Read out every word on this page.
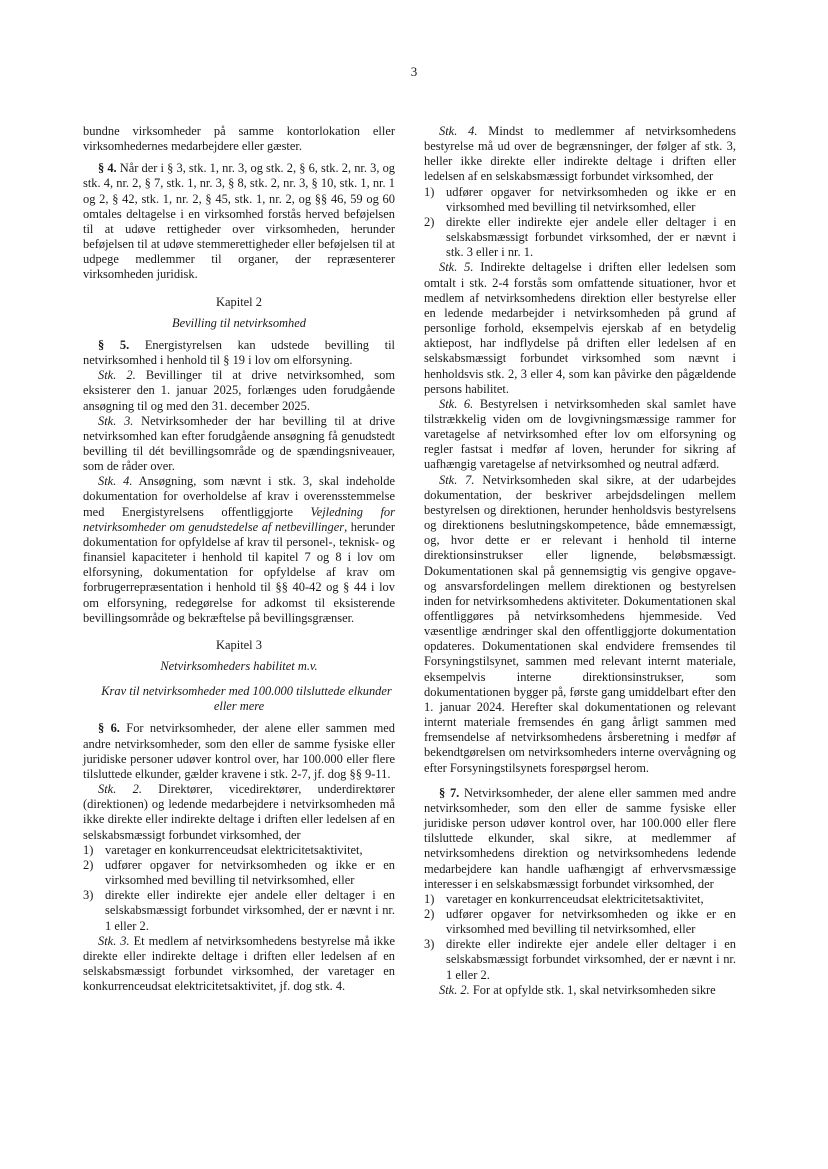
3

bundne virksomheder på samme kontorlokation eller virksomhedernes medarbejdere eller gæster.

§ 4. Når der i § 3, stk. 1, nr. 3, og stk. 2, § 6, stk. 2, nr. 3, og stk. 4, nr. 2, § 7, stk. 1, nr. 3, § 8, stk. 2, nr. 3, § 10, stk. 1, nr. 1 og 2, § 42, stk. 1, nr. 2, § 45, stk. 1, nr. 2, og §§ 46, 59 og 60 omtales deltagelse i en virksomhed forstås herved beføjelsen til at udøve rettigheder over virksomheden, herunder beføjelsen til at udøve stemmerettigheder eller beføjelsen til at udpege medlemmer til organer, der repræsenterer virksomheden juridisk.

Kapitel 2

Bevilling til netvirksomhed

§ 5. Energistyrelsen kan udstede bevilling til netvirksomhed i henhold til § 19 i lov om elforsyning.

Stk. 2. Bevillinger til at drive netvirksomhed, som eksisterer den 1. januar 2025, forlænges uden forudgående ansøgning til og med den 31. december 2025.

Stk. 3. Netvirksomheder der har bevilling til at drive netvirksomhed kan efter forudgående ansøgning få genudstedt bevilling til dét bevillingsområde og de spændingsniveauer, som de råder over.

Stk. 4. Ansøgning, som nævnt i stk. 3, skal indeholde dokumentation for overholdelse af krav i overensstemmelse med Energistyrelsens offentliggjorte Vejledning for netvirksomheder om genudstedelse af netbevillinger, herunder dokumentation for opfyldelse af krav til personel-, teknisk- og finansiel kapaciteter i henhold til kapitel 7 og 8 i lov om elforsyning, dokumentation for opfyldelse af krav om forbrugerrepræsentation i henhold til §§ 40-42 og § 44 i lov om elforsyning, redegørelse for adkomst til eksisterende bevillingsområde og bekræftelse på bevillingsgrænser.

Kapitel 3

Netvirksomheders habilitet m.v.

Krav til netvirksomheder med 100.000 tilsluttede elkunder eller mere

§ 6. For netvirksomheder, der alene eller sammen med andre netvirksomheder, som den eller de samme fysiske eller juridiske personer udøver kontrol over, har 100.000 eller flere tilsluttede elkunder, gælder kravene i stk. 2-7, jf. dog §§ 9-11.

Stk. 2. Direktører, vicedirektører, underdirektører (direktionen) og ledende medarbejdere i netvirksomheden må ikke direkte eller indirekte deltage i driften eller ledelsen af en selskabsmæssigt forbundet virksomhed, der

1) varetager en konkurrenceudsat elektricitetsaktivitet,
2) udfører opgaver for netvirksomheden og ikke er en virksomhed med bevilling til netvirksomhed, eller
3) direkte eller indirekte ejer andele eller deltager i en selskabsmæssigt forbundet virksomhed, der er nævnt i nr. 1 eller 2.

Stk. 3. Et medlem af netvirksomhedens bestyrelse må ikke direkte eller indirekte deltage i driften eller ledelsen af en selskabsmæssigt forbundet virksomhed, der varetager en konkurrenceudsat elektricitetsaktivitet, jf. dog stk. 4.

Stk. 4. Mindst to medlemmer af netvirksomhedens bestyrelse må ud over de begrænsninger, der følger af stk. 3, heller ikke direkte eller indirekte deltage i driften eller ledelsen af en selskabsmæssigt forbundet virksomhed, der

1) udfører opgaver for netvirksomheden og ikke er en virksomhed med bevilling til netvirksomhed, eller
2) direkte eller indirekte ejer andele eller deltager i en selskabsmæssigt forbundet virksomhed, der er nævnt i stk. 3 eller i nr. 1.

Stk. 5. Indirekte deltagelse i driften eller ledelsen som omtalt i stk. 2-4 forstås som omfattende situationer, hvor et medlem af netvirksomhedens direktion eller bestyrelse eller en ledende medarbejder i netvirksomheden på grund af personlige forhold, eksempelvis ejerskab af en betydelig aktiepost, har indflydelse på driften eller ledelsen af en selskabsmæssigt forbundet virksomhed som nævnt i henholdsvis stk. 2, 3 eller 4, som kan påvirke den pågældende persons habilitet.

Stk. 6. Bestyrelsen i netvirksomheden skal samlet have tilstrækkelig viden om de lovgivningsmæssige rammer for varetagelse af netvirksomhed efter lov om elforsyning og regler fastsat i medfør af loven, herunder for sikring af uafhængig varetagelse af netvirksomhed og neutral adfærd.

Stk. 7. Netvirksomheden skal sikre, at der udarbejdes dokumentation, der beskriver arbejdsdelingen mellem bestyrelsen og direktionen, herunder henholdsvis bestyrelsens og direktionens beslutningskompetence, både emnemæssigt, og, hvor dette er er relevant i henhold til interne direktionsinstrukser eller lignende, beløbsmæssigt. Dokumentationen skal på gennemsigtig vis gengive opgave- og ansvarsfordelingen mellem direktionen og bestyrelsen inden for netvirksomhedens aktiviteter. Dokumentationen skal offentliggøres på netvirksomhedens hjemmeside. Ved væsentlige ændringer skal den offentliggjorte dokumentation opdateres. Dokumentationen skal endvidere fremsendes til Forsyningstilsynet, sammen med relevant internt materiale, eksempelvis interne direktionsinstrukser, som dokumentationen bygger på, første gang umiddelbart efter den 1. januar 2024. Herefter skal dokumentationen og relevant internt materiale fremsendes én gang årligt sammen med fremsendelse af netvirksomhedens årsberetning i medfør af bekendtgørelsen om netvirksomheders interne overvågning og efter Forsyningstilsynets forespørgsel herom.

§ 7. Netvirksomheder, der alene eller sammen med andre netvirksomheder, som den eller de samme fysiske eller juridiske person udøver kontrol over, har 100.000 eller flere tilsluttede elkunder, skal sikre, at medlemmer af netvirksomhedens direktion og netvirksomhedens ledende medarbejdere kan handle uafhængigt af erhvervsmæssige interesser i en selskabsmæssigt forbundet virksomhed, der

1) varetager en konkurrenceudsat elektricitetsaktivitet,
2) udfører opgaver for netvirksomheden og ikke er en virksomhed med bevilling til netvirksomhed, eller
3) direkte eller indirekte ejer andele eller deltager i en selskabsmæssigt forbundet virksomhed, der er nævnt i nr. 1 eller 2.

Stk. 2. For at opfylde stk. 1, skal netvirksomheden sikre
